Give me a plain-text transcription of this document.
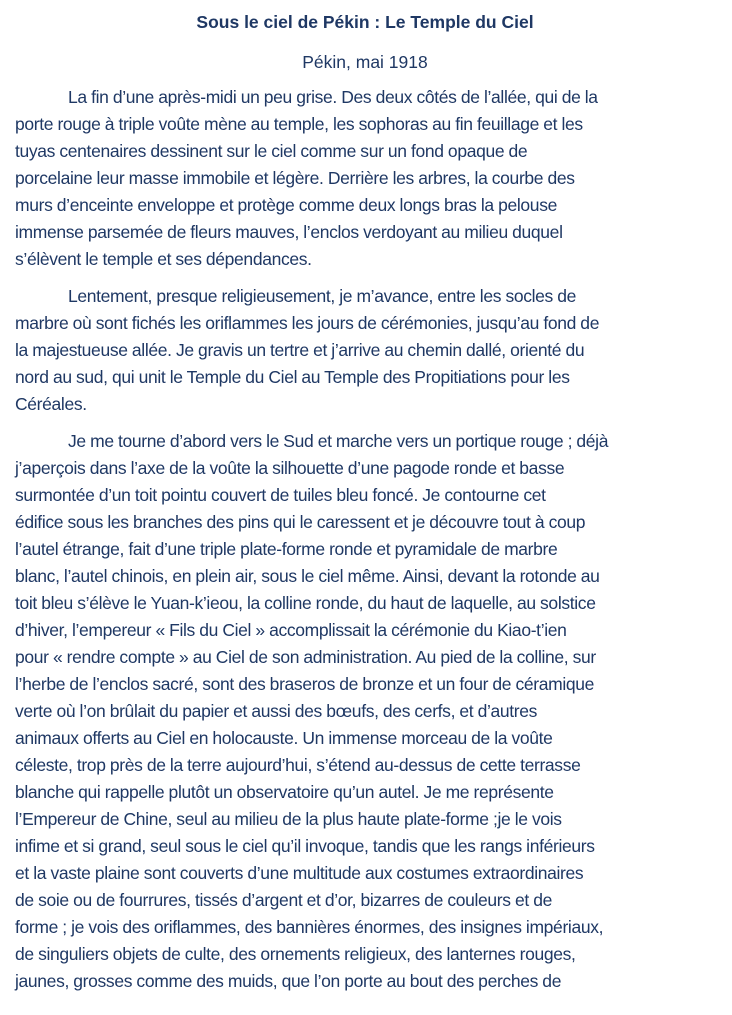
Sous le ciel de Pékin : Le Temple du Ciel
Pékin, mai 1918

La fin d’une après-midi un peu grise. Des deux côtés de l’allée, qui de la
porte rouge à triple voûte mène au temple, les sophoras au fin feuillage et les
tuyas centenaires dessinent sur le ciel comme sur un fond opaque de
porcelaine leur masse immobile et légère. Derrière les arbres, la courbe des
murs d’enceinte enveloppe et protège comme deux longs bras la pelouse
immense parsemée de fleurs mauves, l’enclos verdoyant au milieu duquel
s’élèvent le temple et ses dépendances.

Lentement, presque religieusement, je m’avance, entre les socles de
marbre où sont fichés les oriflammes les jours de cérémonies, jusqu’au fond de
la majestueuse allée. Je gravis un tertre et j’arrive au chemin dallé, orienté du
nord au sud, qui unit le Temple du Ciel au Temple des Propitiations pour les
Céréales.

Je me tourne d’abord vers le Sud et marche vers un portique rouge ; déjà
j’aperçois dans l’axe de la voûte la silhouette d’une pagode ronde et basse
surmontée d’un toit pointu couvert de tuiles bleu foncé. Je contourne cet
édifice sous les branches des pins qui le caressent et je découvre tout à coup
l’autel étrange, fait d’une triple plate-forme ronde et pyramidale de marbre
blanc, l’autel chinois, en plein air, sous le ciel même. Ainsi, devant la rotonde au
toit bleu s’élève le Yuan-k’ieou, la colline ronde, du haut de laquelle, au solstice
d’hiver, l’empereur « Fils du Ciel » accomplissait la cérémonie du Kiao-t’ien
pour « rendre compte » au Ciel de son administration. Au pied de la colline, sur
l’herbe de l’enclos sacré, sont des braseros de bronze et un four de céramique
verte où l’on brûlait du papier et aussi des bœufs, des cerfs, et d’autres
animaux offerts au Ciel en holocauste. Un immense morceau de la voûte
céleste, trop près de la terre aujourd’hui, s’étend au-dessus de cette terrasse
blanche qui rappelle plutôt un observatoire qu’un autel. Je me représente
l’Empereur de Chine, seul au milieu de la plus haute plate-forme ;je le vois
infime et si grand, seul sous le ciel qu’il invoque, tandis que les rangs inférieurs
et la vaste plaine sont couverts d’une multitude aux costumes extraordinaires
de soie ou de fourrures, tissés d’argent et d’or, bizarres de couleurs et de
forme ; je vois des oriflammes, des bannières énormes, des insignes impériaux,
de singuliers objets de culte, des ornements religieux, des lanternes rouges,
jaunes, grosses comme des muids, que l’on porte au bout des perches de
